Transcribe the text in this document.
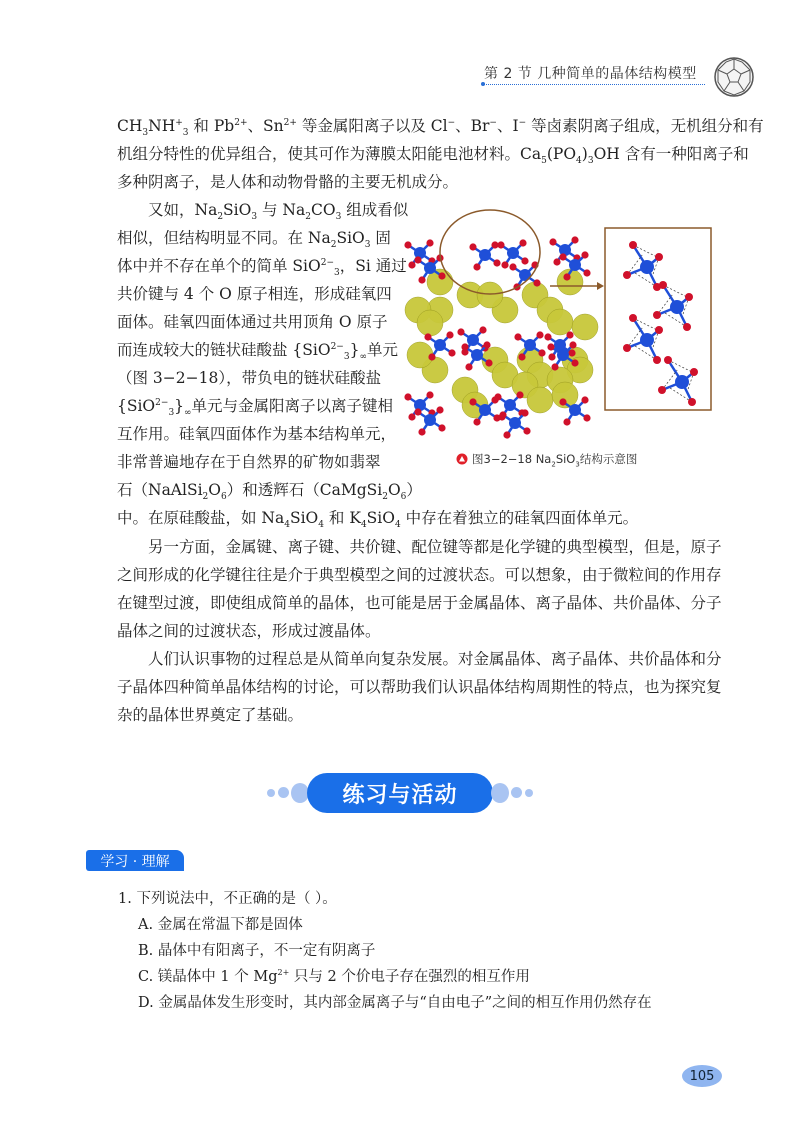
第 2 节 几种简单的晶体结构模型
$CH_3NH^+_3$ 和 $Pb^{2+}$、$Sn^{2+}$ 等金属阳离子以及 Cl−、Br−、I− 等卤素阴离子组成，无机组分和有
机组分特性的优异组合，使其可作为薄膜太阳能电池材料。$Ca_5(PO_4)_3OH$ 含有一种阳离子和
多种阴离子，是人体和动物骨骼的主要无机成分。
　　又如，$Na_2SiO_3$ 与 $Na_2CO_3$ 组成看似
相似，但结构明显不同。在 $Na_2SiO_3$ 固
体中并不存在单个的简单 SiO$^{2-}_3$，Si 通过
共价键与 4 个 O 原子相连，形成硅氧四
面体。硅氧四面体通过共用顶角 O 原子
而连成较大的链状硅酸盐 $\{SiO^{2-}_3\}_\infty$单元
（图 3−2−18），带负电的链状硅酸盐
$\{SiO^{2-}_3\}_\infty$单元与金属阳离子以离子键相
互作用。硅氧四面体作为基本结构单元，
非常普遍地存在于自然界的矿物如翡翠
石$(NaAlSi_2O_6)$和透辉石$(CaMgSi_2O_6)$
中。在原硅酸盐，如 $Na_4SiO_4$ 和 $K_4SiO_4$ 中存在着独立的硅氧四面体单元。
　　另一方面，金属键、离子键、共价键、配位键等都是化学键的典型模型，但是，原子
之间形成的化学键往往是介于典型模型之间的过渡状态。可以想象，由于微粒间的作用存
在键型过渡，即使组成简单的晶体，也可能是居于金属晶体、离子晶体、共价晶体、分子
晶体之间的过渡状态，形成过渡晶体。
　　人们认识事物的过程总是从简单向复杂发展。对金属晶体、离子晶体、共价晶体和分
子晶体四种简单晶体结构的讨论，可以帮助我们认识晶体结构周期性的特点，也为探究复
杂的晶体世界奠定了基础。
图3−2−18 $Na_2SiO_3$结构示意图
练习与活动
学习 · 理解
1. 下列说法中，不正确的是（ ）。
A. 金属在常温下都是固体
B. 晶体中有阳离子，不一定有阴离子
C. 镁晶体中 1 个 $Mg^{2+}$ 只与 2 个价电子存在强烈的相互作用
D. 金属晶体发生形变时，其内部金属离子与“自由电子”之间的相互作用仍然存在
105
